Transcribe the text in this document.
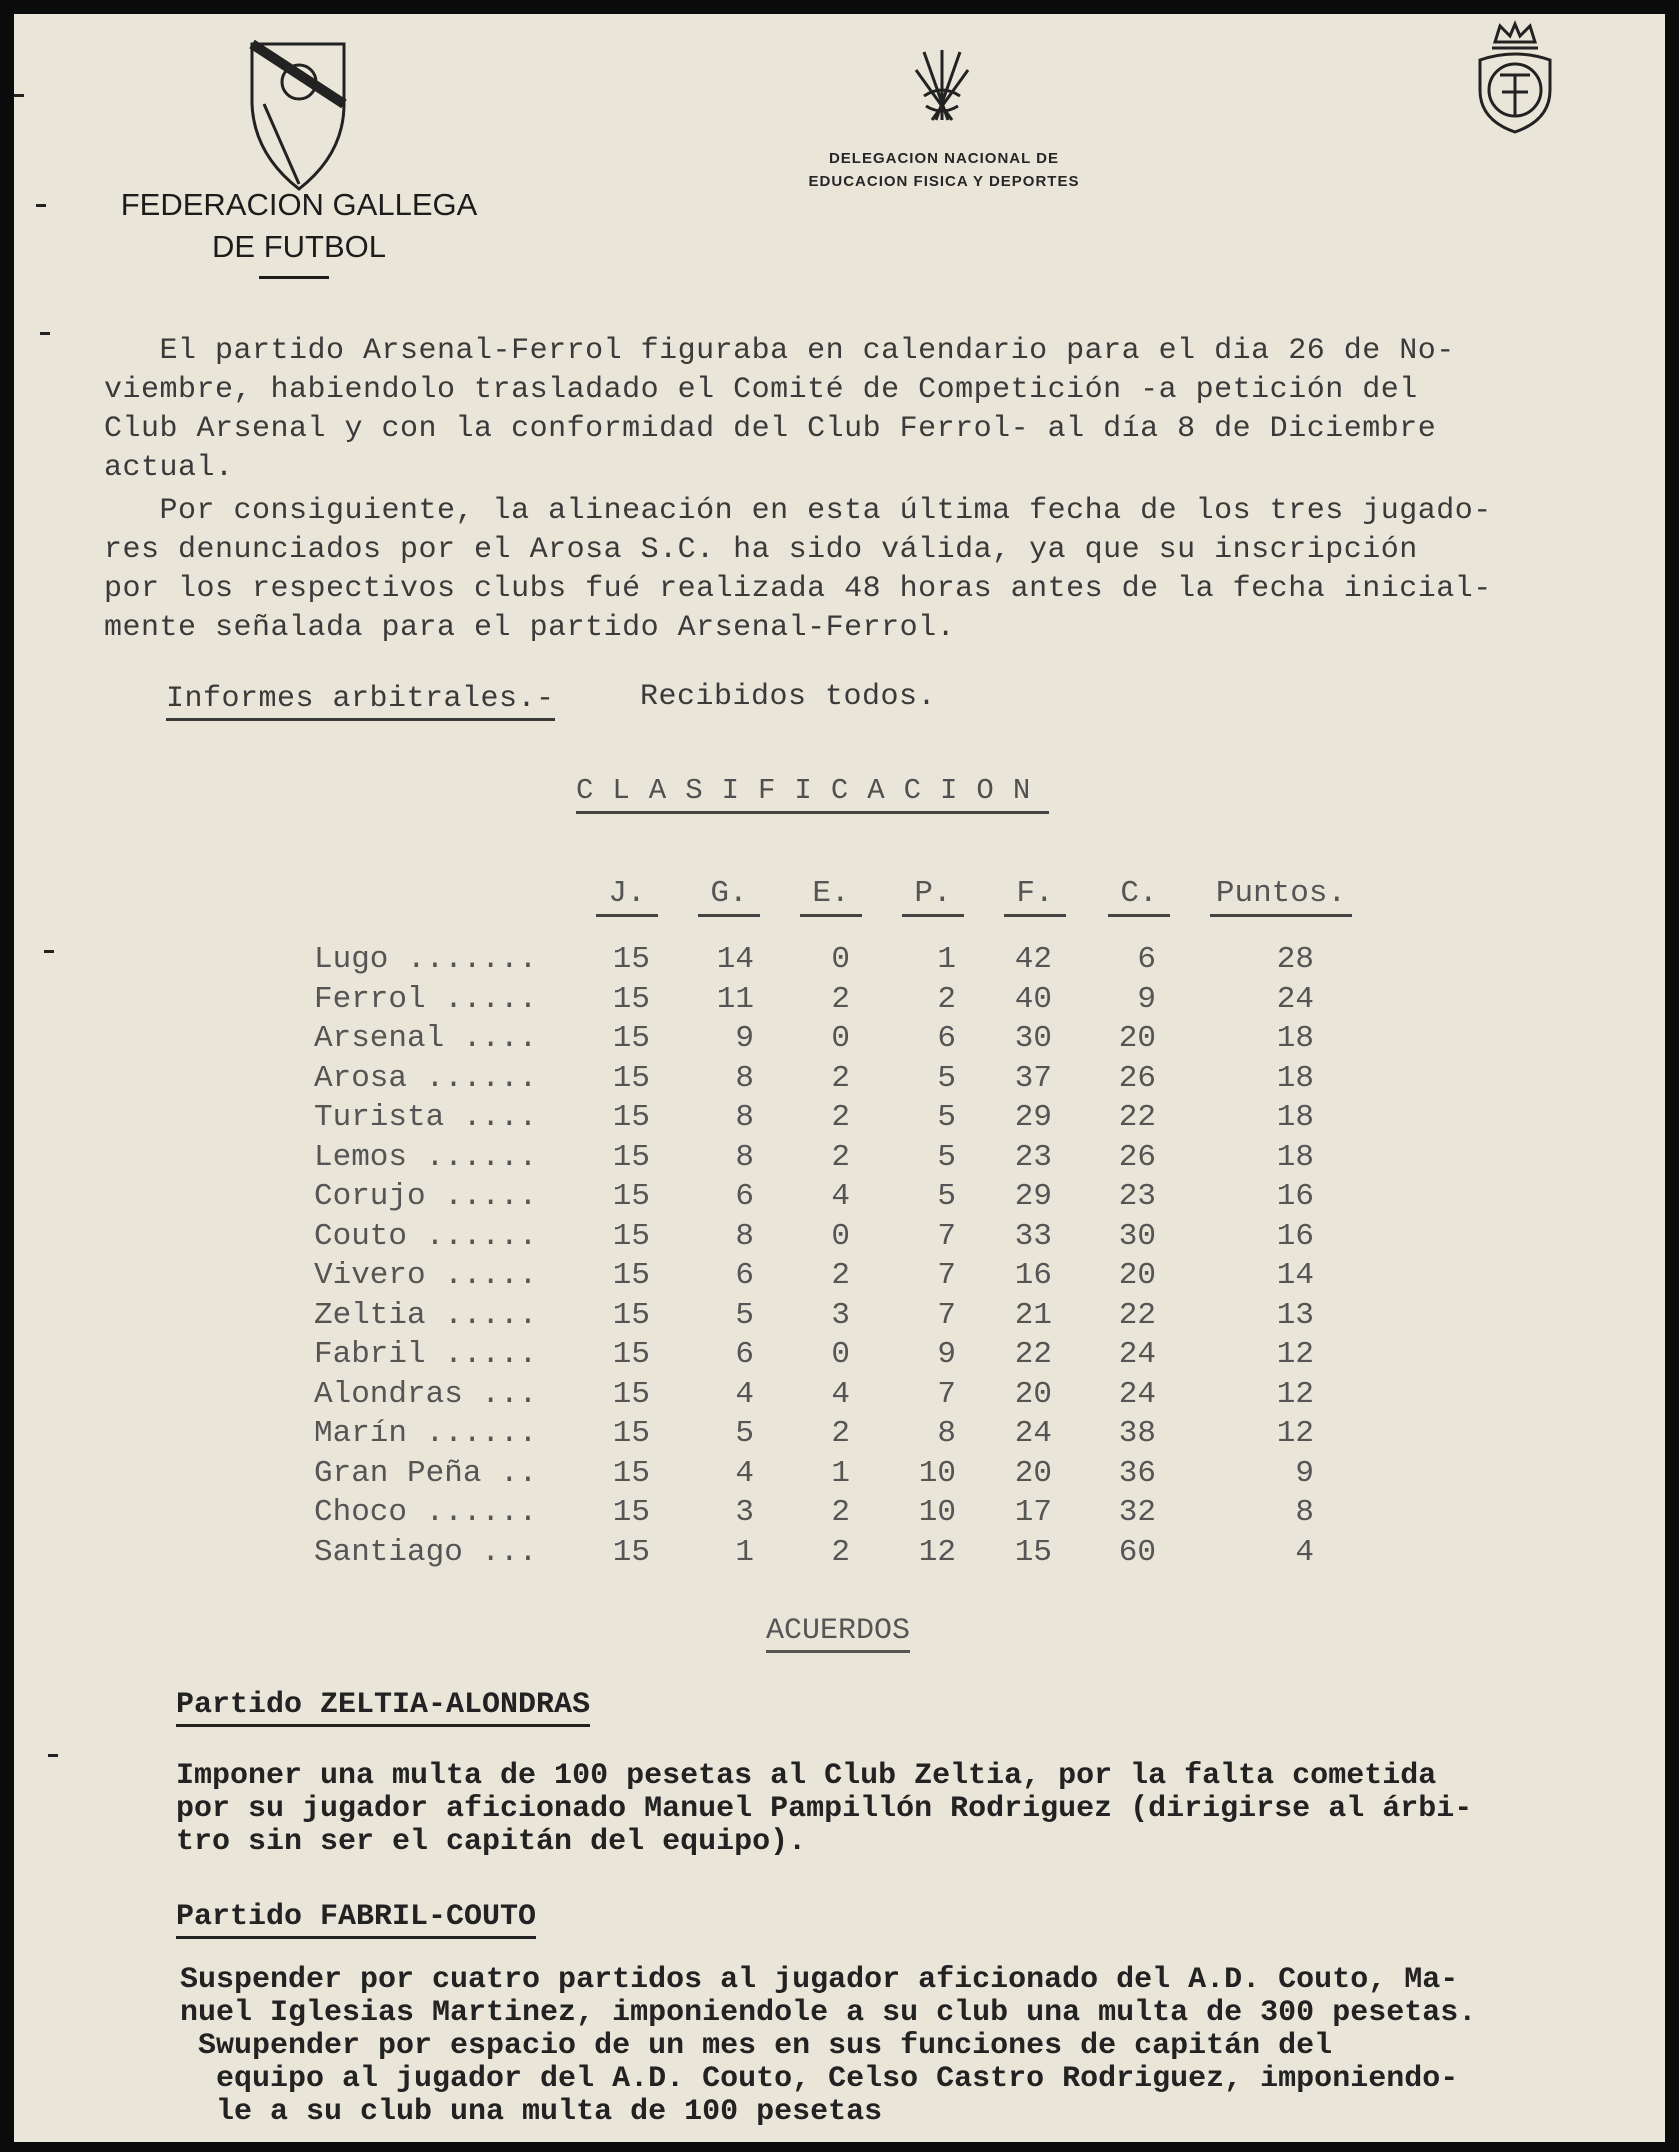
FEDERACION GALLEGA
DE FUTBOL
DELEGACION NACIONAL DE
EDUCACION FISICA Y DEPORTES
El partido Arsenal-Ferrol figuraba en calendario para el dia 26 de No-
viembre, habiendolo trasladado el Comité de Competición -a petición del
Club Arsenal y con la conformidad del Club Ferrol- al día 8 de Diciembre
actual.
Por consiguiente, la alineación en esta última fecha de los tres jugado-
res denunciados por el Arosa S.C. ha sido válida, ya que su inscripción
por los respectivos clubs fué realizada 48 horas antes de la fecha inicial-
mente señalada para el partido Arsenal-Ferrol.
Informes arbitrales.-	Recibidos todos.
CLASIFICACION
J.	G.	E.	P.	F.	C.	Puntos.
Lugo .......	15	14	0	1	42	6	28
Ferrol .....	15	11	2	2	40	9	24
Arsenal ....	15	9	0	6	30	20	18
Arosa ......	15	8	2	5	37	26	18
Turista ....	15	8	2	5	29	22	18
Lemos ......	15	8	2	5	23	26	18
Corujo .....	15	6	4	5	29	23	16
Couto ......	15	8	0	7	33	30	16
Vivero .....	15	6	2	7	16	20	14
Zeltia .....	15	5	3	7	21	22	13
Fabril .....	15	6	0	9	22	24	12
Alondras ...	15	4	4	7	20	24	12
Marín ......	15	5	2	8	24	38	12
Gran Peña ..	15	4	1	10	20	36	9
Choco ......	15	3	2	10	17	32	8
Santiago ...	15	1	2	12	15	60	4
ACUERDOS
Partido ZELTIA-ALONDRAS
Imponer una multa de 100 pesetas al Club Zeltia, por la falta cometida
por su jugador aficionado Manuel Pampillón Rodriguez (dirigirse al árbi-
tro sin ser el capitán del equipo).
Partido FABRIL-COUTO
Suspender por cuatro partidos al jugador aficionado del A.D. Couto, Ma-
nuel Iglesias Martinez, imponiendole a su club una multa de 300 pesetas.
Swupender por espacio de un mes en sus funciones de capitán del
equipo al jugador del A.D. Couto, Celso Castro Rodriguez, imponiendo-
le a su club una multa de 100 pesetas
